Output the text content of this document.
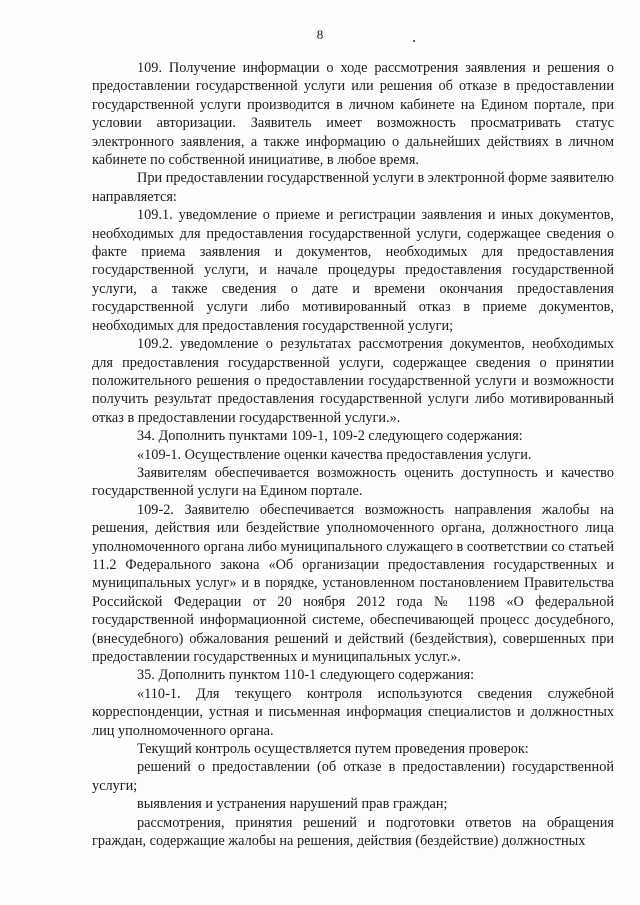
8

109. Получение информации о ходе рассмотрения заявления и решения о предоставлении государственной услуги или решения об отказе в предоставлении государственной услуги производится в личном кабинете на Едином портале, при условии авторизации. Заявитель имеет возможность просматривать статус электронного заявления, а также информацию о дальнейших действиях в личном кабинете по собственной инициативе, в любое время.

При предоставлении государственной услуги в электронной форме заявителю направляется:

109.1. уведомление о приеме и регистрации заявления и иных документов, необходимых для предоставления государственной услуги, содержащее сведения о факте приема заявления и документов, необходимых для предоставления государственной услуги, и начале процедуры предоставления государственной услуги, а также сведения о дате и времени окончания предоставления государственной услуги либо мотивированный отказ в приеме документов, необходимых для предоставления государственной услуги;

109.2. уведомление о результатах рассмотрения документов, необходимых для предоставления государственной услуги, содержащее сведения о принятии положительного решения о предоставлении государственной услуги и возможности получить результат предоставления государственной услуги либо мотивированный отказ в предоставлении государственной услуги.».

34. Дополнить пунктами 109-1, 109-2 следующего содержания:

«109-1. Осуществление оценки качества предоставления услуги.

Заявителям обеспечивается возможность оценить доступность и качество государственной услуги на Едином портале.

109-2. Заявителю обеспечивается возможность направления жалобы на решения, действия или бездействие уполномоченного органа, должностного лица уполномоченного органа либо муниципального служащего в соответствии со статьей 11.2 Федерального закона «Об организации предоставления государственных и муниципальных услуг» и в порядке, установленном постановлением Правительства Российской Федерации от 20 ноября 2012 года № 1198 «О федеральной государственной информационной системе, обеспечивающей процесс досудебного, (внесудебного) обжалования решений и действий (бездействия), совершенных при предоставлении государственных и муниципальных услуг.».

35. Дополнить пунктом 110-1 следующего содержания:

«110-1. Для текущего контроля используются сведения служебной корреспонденции, устная и письменная информация специалистов и должностных лиц уполномоченного органа.

Текущий контроль осуществляется путем проведения проверок:

решений о предоставлении (об отказе в предоставлении) государственной услуги;

выявления и устранения нарушений прав граждан;

рассмотрения, принятия решений и подготовки ответов на обращения граждан, содержащие жалобы на решения, действия (бездействие) должностных
